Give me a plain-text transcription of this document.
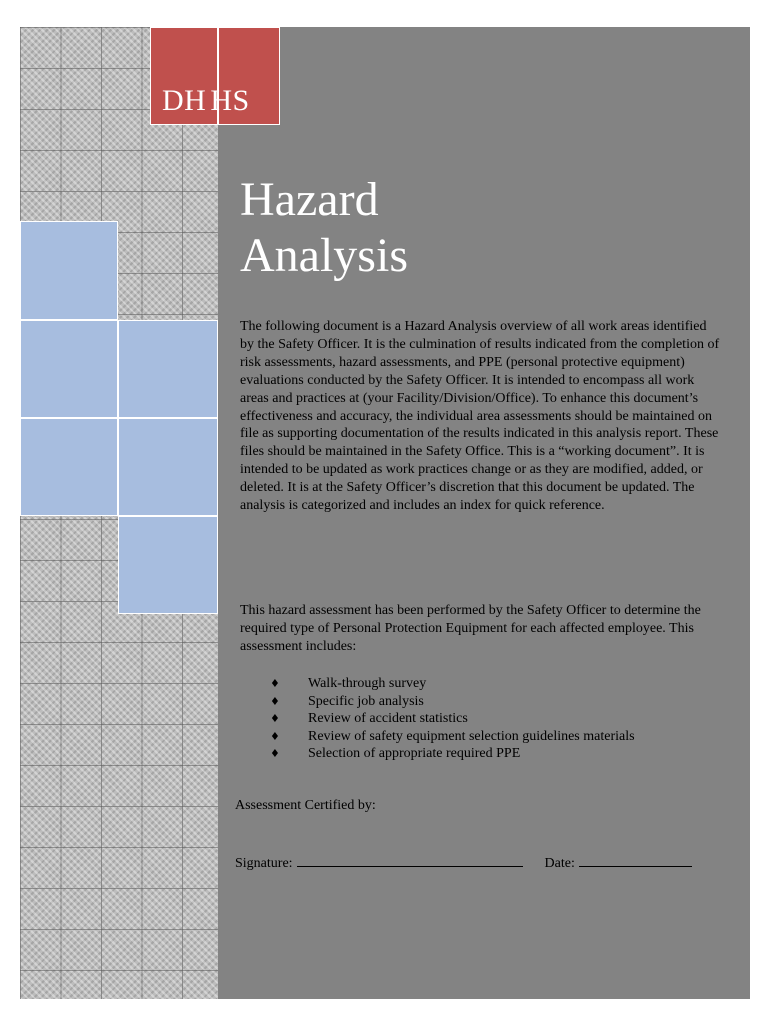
DH HS
Hazard
Analysis

The following document is a Hazard Analysis overview of all work areas identified by the Safety Officer. It is the culmination of results indicated from the completion of risk assessments, hazard assessments, and PPE (personal protective equipment) evaluations conducted by the Safety Officer. It is intended to encompass all work areas and practices at (your Facility/Division/Office). To enhance this document’s effectiveness and accuracy, the individual area assessments should be maintained on file as supporting documentation of the results indicated in this analysis report. These files should be maintained in the Safety Office. This is a “working document”. It is intended to be updated as work practices change or as they are modified, added, or deleted. It is at the Safety Officer’s discretion that this document be updated. The analysis is categorized and includes an index for quick reference.

This hazard assessment has been performed by the Safety Officer to determine the required type of Personal Protection Equipment for each affected employee. This assessment includes:

♦	Walk-through survey
♦	Specific job analysis
♦	Review of accident statistics
♦	Review of safety equipment selection guidelines materials
♦	Selection of appropriate required PPE

Assessment Certified by:

Signature:	Date:
